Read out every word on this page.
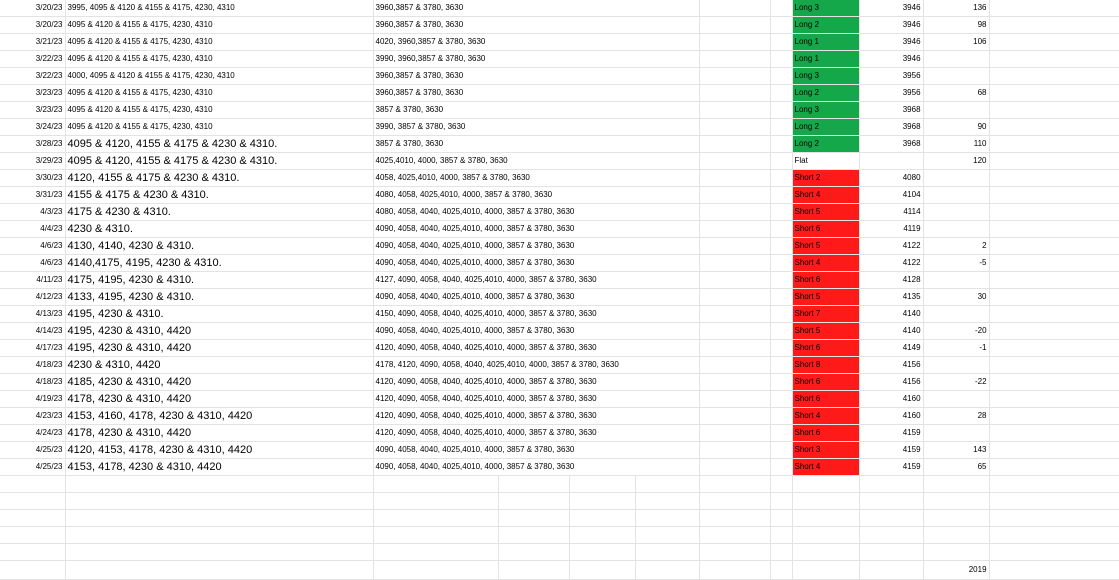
3/20/23	3995, 4095 & 4120 & 4155 & 4175, 4230, 4310	3960,3857 & 3780, 3630						Long 3	3946	136	
3/20/23	4095 & 4120 & 4155 & 4175, 4230, 4310	3960,3857 & 3780, 3630						Long 2	3946	98	
3/21/23	4095 & 4120 & 4155 & 4175, 4230, 4310	4020, 3960,3857 & 3780, 3630						Long 1	3946	106	
3/22/23	4095 & 4120 & 4155 & 4175, 4230, 4310	3990, 3960,3857 & 3780, 3630						Long 1	3946		
3/22/23	4000, 4095 & 4120 & 4155 & 4175, 4230, 4310	3960,3857 & 3780, 3630						Long 3	3956		
3/23/23	4095 & 4120 & 4155 & 4175, 4230, 4310	3960,3857 & 3780, 3630						Long 2	3956	68	
3/23/23	4095 & 4120 & 4155 & 4175, 4230, 4310	3857 & 3780, 3630						Long 3	3968		
3/24/23	4095 & 4120 & 4155 & 4175, 4230, 4310	3990, 3857 & 3780, 3630						Long 2	3968	90	
3/28/23	4095 & 4120, 4155 & 4175 & 4230 & 4310.	3857 & 3780, 3630						Long 2	3968	110	
3/29/23	4095 & 4120, 4155 & 4175 & 4230 & 4310.	4025,4010, 4000, 3857 & 3780, 3630						Flat		120	
3/30/23	4120, 4155 & 4175 & 4230 & 4310.	4058, 4025,4010, 4000, 3857 & 3780, 3630						Short 2	4080		
3/31/23	4155 & 4175 & 4230 & 4310.	4080, 4058, 4025,4010, 4000, 3857 & 3780, 3630						Short 4	4104		
4/3/23	4175 & 4230 & 4310.	4080, 4058, 4040, 4025,4010, 4000, 3857 & 3780, 3630						Short 5	4114		
4/4/23	4230 & 4310.	4090, 4058, 4040, 4025,4010, 4000, 3857 & 3780, 3630						Short 6	4119		
4/6/23	4130, 4140, 4230 & 4310.	4090, 4058, 4040, 4025,4010, 4000, 3857 & 3780, 3630						Short 5	4122	2	
4/6/23	4140,4175, 4195, 4230 & 4310.	4090, 4058, 4040, 4025,4010, 4000, 3857 & 3780, 3630						Short 4	4122	-5	
4/11/23	4175, 4195, 4230 & 4310.	4127, 4090, 4058, 4040, 4025,4010, 4000, 3857 & 3780, 3630						Short 6	4128		
4/12/23	4133, 4195, 4230 & 4310.	4090, 4058, 4040, 4025,4010, 4000, 3857 & 3780, 3630						Short 5	4135	30	
4/13/23	4195, 4230 & 4310.	4150, 4090, 4058, 4040, 4025,4010, 4000, 3857 & 3780, 3630						Short 7	4140		
4/14/23	4195, 4230 & 4310, 4420	4090, 4058, 4040, 4025,4010, 4000, 3857 & 3780, 3630						Short 5	4140	-20	
4/17/23	4195, 4230 & 4310, 4420	4120, 4090, 4058, 4040, 4025,4010, 4000, 3857 & 3780, 3630						Short 6	4149	-1	
4/18/23	4230 & 4310, 4420	4178, 4120, 4090, 4058, 4040, 4025,4010, 4000, 3857 & 3780, 3630						Short 8	4156		
4/18/23	4185, 4230 & 4310, 4420	4120, 4090, 4058, 4040, 4025,4010, 4000, 3857 & 3780, 3630						Short 6	4156	-22	
4/19/23	4178, 4230 & 4310, 4420	4120, 4090, 4058, 4040, 4025,4010, 4000, 3857 & 3780, 3630						Short 6	4160		
4/23/23	4153, 4160, 4178, 4230 & 4310, 4420	4120, 4090, 4058, 4040, 4025,4010, 4000, 3857 & 3780, 3630						Short 4	4160	28	
4/24/23	4178, 4230 & 4310, 4420	4120, 4090, 4058, 4040, 4025,4010, 4000, 3857 & 3780, 3630						Short 6	4159		
4/25/23	4120, 4153, 4178, 4230 & 4310, 4420	4090, 4058, 4040, 4025,4010, 4000, 3857 & 3780, 3630						Short 3	4159	143	
4/25/23	4153, 4178, 4230 & 4310, 4420	4090, 4058, 4040, 4025,4010, 4000, 3857 & 3780, 3630						Short 4	4159	65	

										2019	
